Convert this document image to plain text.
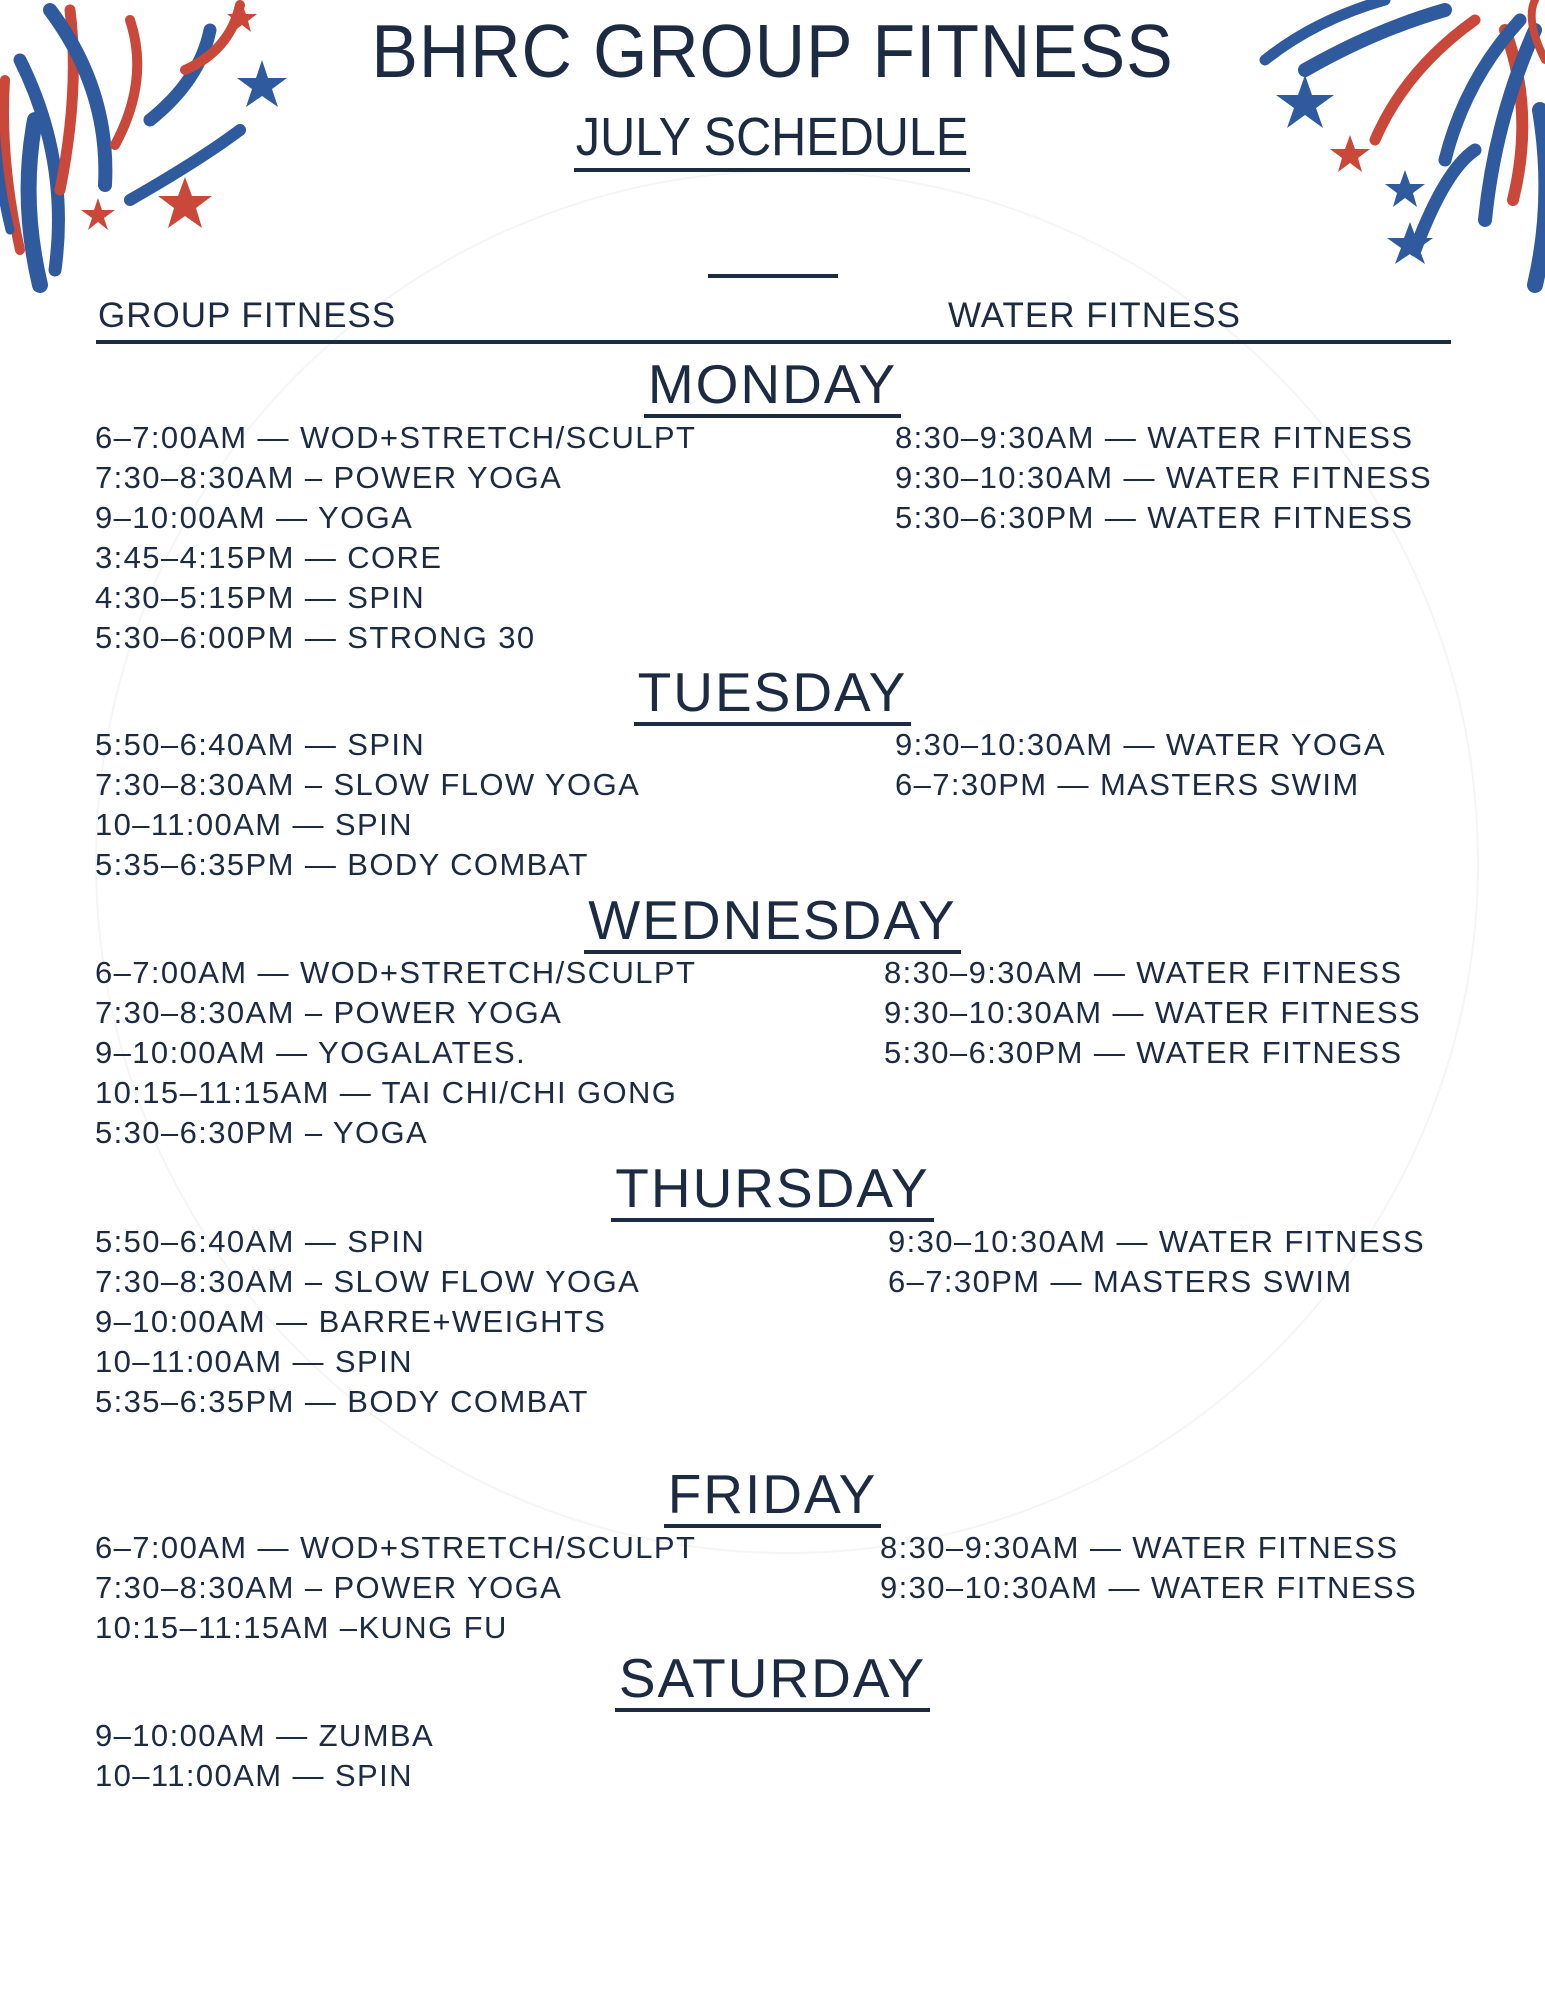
BHRC GROUP FITNESS
JULY SCHEDULE
GROUP FITNESS	WATER FITNESS
MONDAY
6–7:00AM — WOD+STRETCH/SCULPT
7:30–8:30AM – POWER YOGA
9–10:00AM — YOGA
3:45–4:15PM — CORE
4:30–5:15PM — SPIN
5:30–6:00PM — STRONG 30
8:30–9:30AM — WATER FITNESS
9:30–10:30AM — WATER FITNESS
5:30–6:30PM — WATER FITNESS
TUESDAY
5:50–6:40AM — SPIN
7:30–8:30AM – SLOW FLOW YOGA
10–11:00AM — SPIN
5:35–6:35PM — BODY COMBAT
9:30–10:30AM — WATER YOGA
6–7:30PM — MASTERS SWIM
WEDNESDAY
6–7:00AM — WOD+STRETCH/SCULPT
7:30–8:30AM – POWER YOGA
9–10:00AM — YOGALATES.
10:15–11:15AM — TAI CHI/CHI GONG
5:30–6:30PM – YOGA
8:30–9:30AM — WATER FITNESS
9:30–10:30AM — WATER FITNESS
5:30–6:30PM — WATER FITNESS
THURSDAY
5:50–6:40AM — SPIN
7:30–8:30AM – SLOW FLOW YOGA
9–10:00AM — BARRE+WEIGHTS
10–11:00AM — SPIN
5:35–6:35PM — BODY COMBAT
9:30–10:30AM — WATER FITNESS
6–7:30PM — MASTERS SWIM
FRIDAY
6–7:00AM — WOD+STRETCH/SCULPT
7:30–8:30AM – POWER YOGA
10:15–11:15AM –KUNG FU
8:30–9:30AM — WATER FITNESS
9:30–10:30AM — WATER FITNESS
SATURDAY
9–10:00AM — ZUMBA
10–11:00AM — SPIN
